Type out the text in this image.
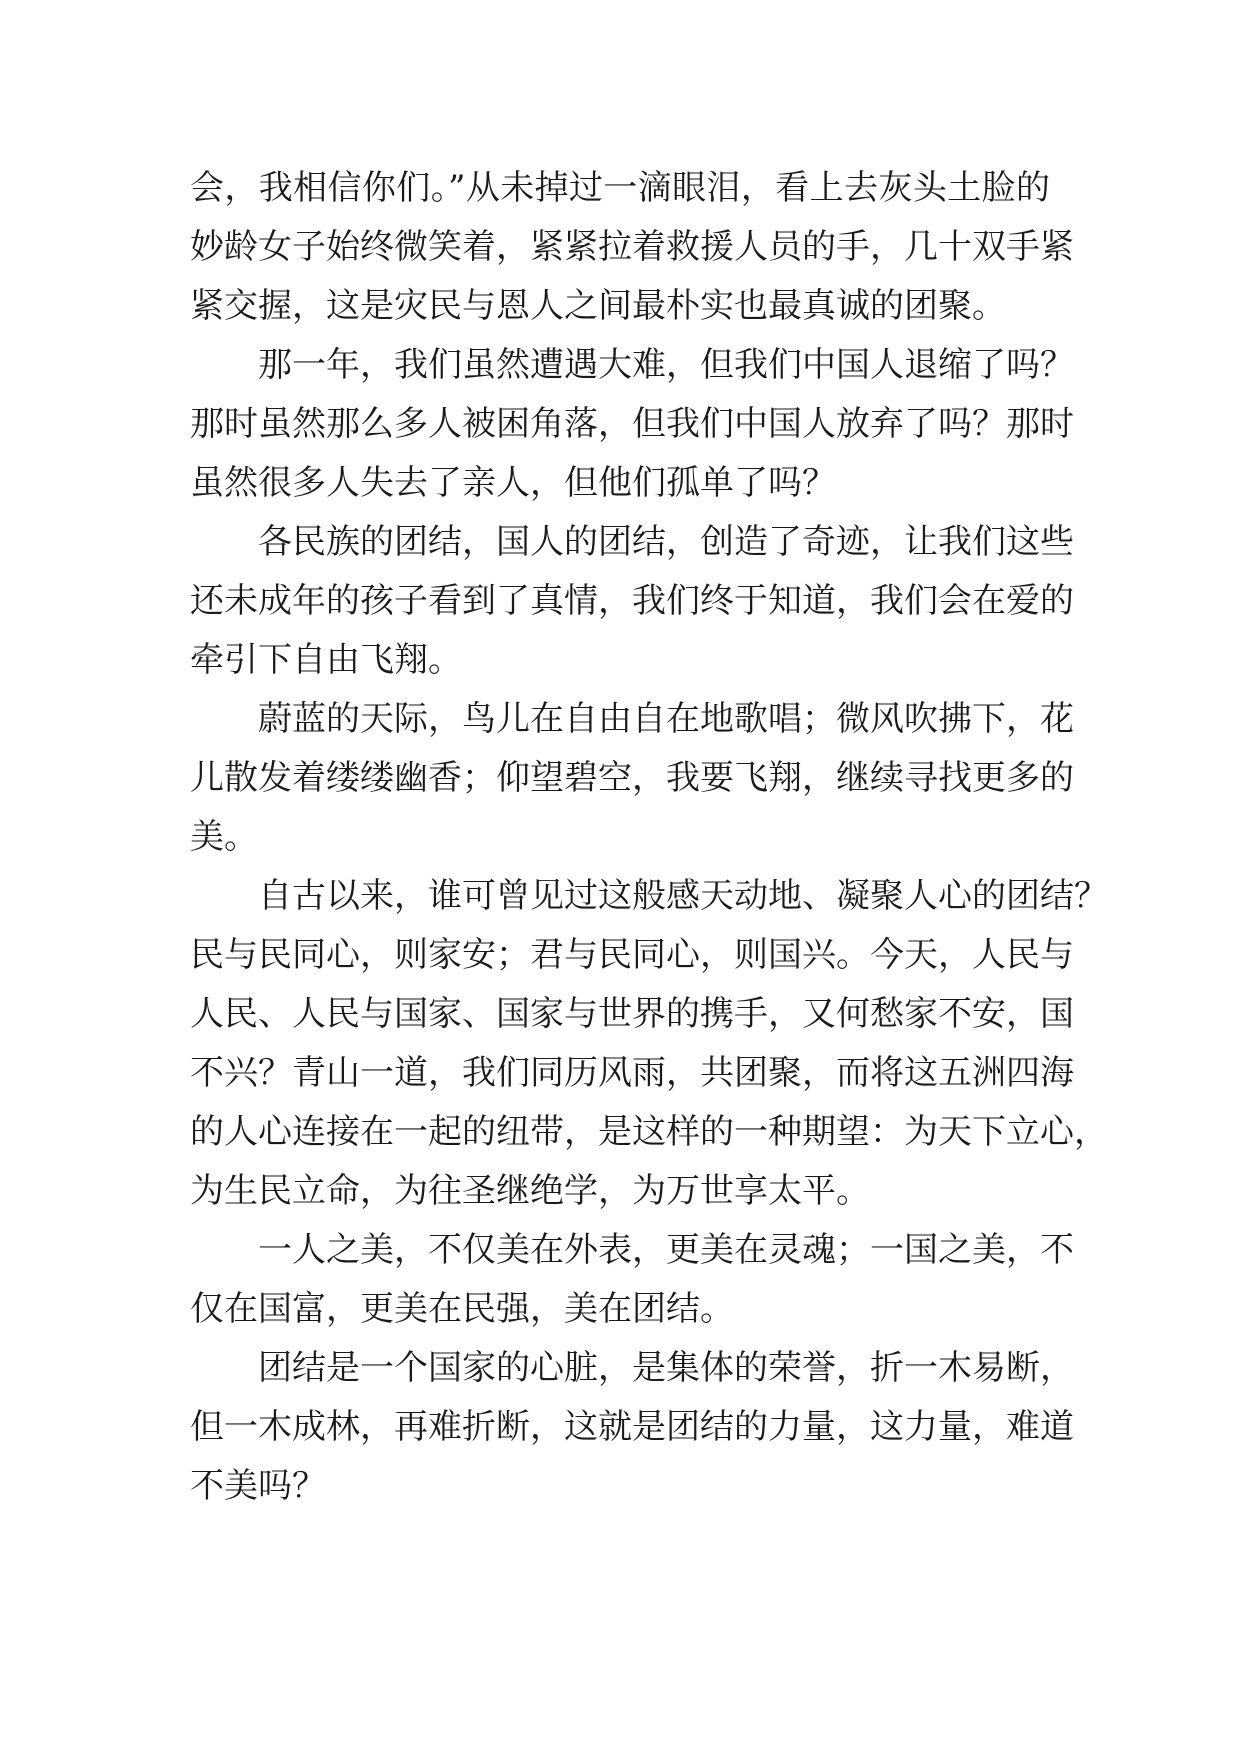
会，我相信你们。”从未掉过一滴眼泪，看上去灰头土脸的
妙龄女子始终微笑着，紧紧拉着救援人员的手，几十双手紧
紧交握，这是灾民与恩人之间最朴实也最真诚的团聚。
那一年，我们虽然遭遇大难，但我们中国人退缩了吗？
那时虽然那么多人被困角落，但我们中国人放弃了吗？那时
虽然很多人失去了亲人，但他们孤单了吗？
各民族的团结，国人的团结，创造了奇迹，让我们这些
还未成年的孩子看到了真情，我们终于知道，我们会在爱的
牵引下自由飞翔。
蔚蓝的天际，鸟儿在自由自在地歌唱；微风吹拂下，花
儿散发着缕缕幽香；仰望碧空，我要飞翔，继续寻找更多的
美。
自古以来，谁可曾见过这般感天动地、凝聚人心的团结？
民与民同心，则家安；君与民同心，则国兴。今天，人民与
人民、人民与国家、国家与世界的携手，又何愁家不安，国
不兴？青山一道，我们同历风雨，共团聚，而将这五洲四海
的人心连接在一起的纽带，是这样的一种期望：为天下立心，
为生民立命，为往圣继绝学，为万世享太平。
一人之美，不仅美在外表，更美在灵魂；一国之美，不
仅在国富，更美在民强，美在团结。
团结是一个国家的心脏，是集体的荣誉，折一木易断，
但一木成林，再难折断，这就是团结的力量，这力量，难道
不美吗？
